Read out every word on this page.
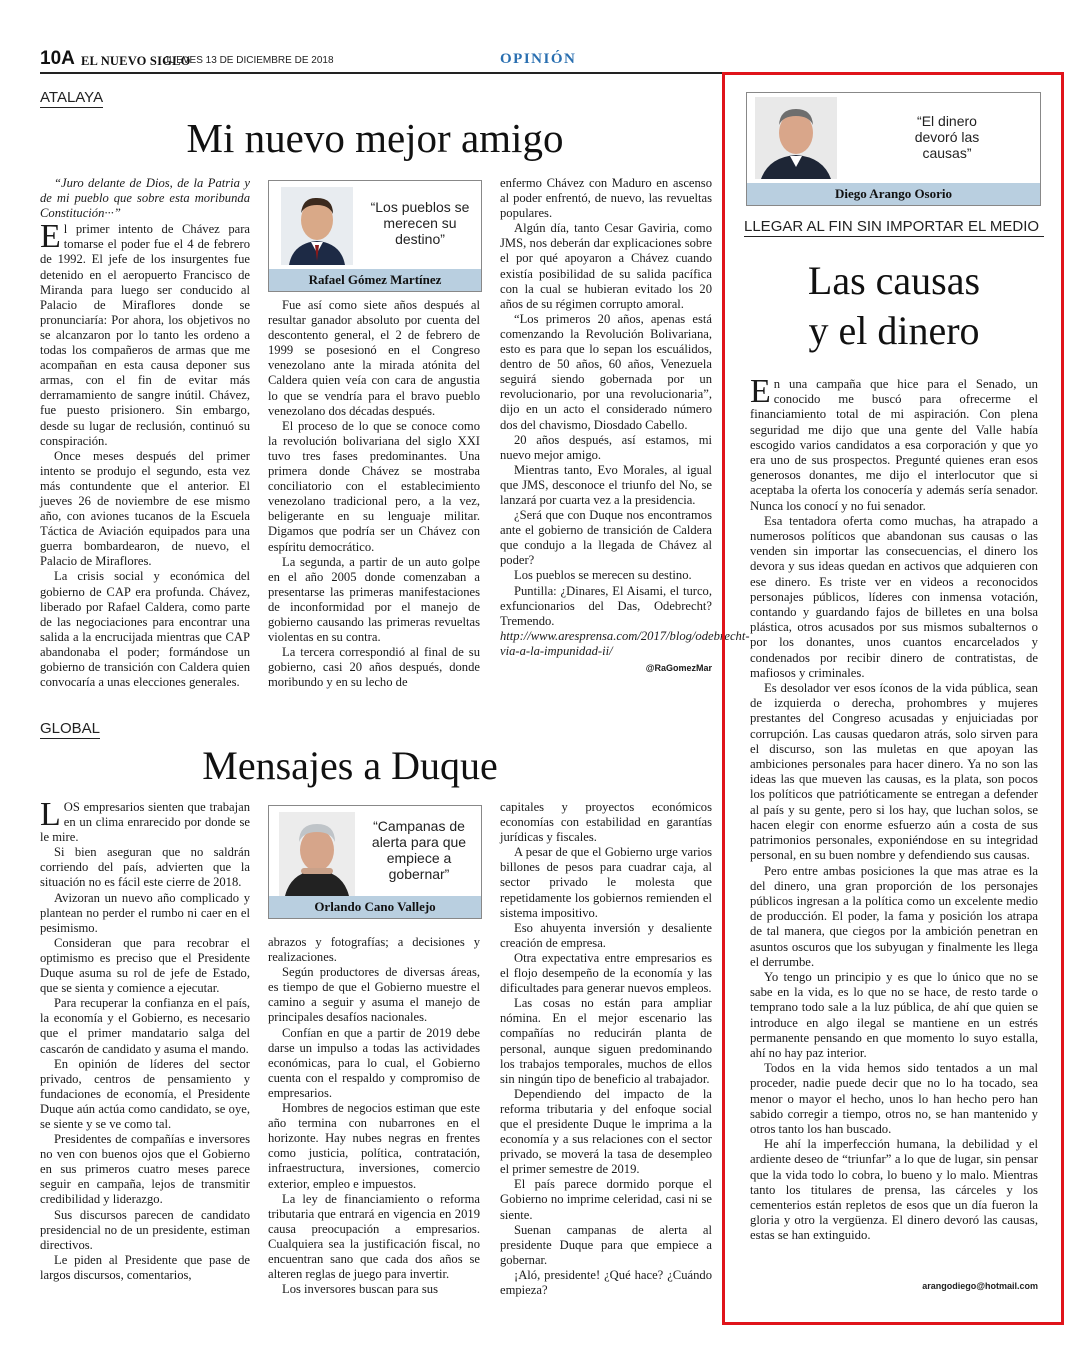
10A EL NUEVO SIGLO
JUEVES 13 DE DICIEMBRE DE 2018	OPINIÓN
ATALAYA
Mi nuevo mejor amigo

“Juro delante de Dios, de la Patria y de mi pueblo que sobre esta moribunda Constitución···”

El primer intento de Chávez para tomarse el poder fue el 4 de febrero de 1992. El jefe de los insurgentes fue detenido en el aeropuerto Francisco de Miranda para luego ser conducido al Palacio de Miraflores donde se pronunciaría: Por ahora, los objetivos no se alcanzaron por lo tanto les ordeno a todas los compañeros de armas que me acompañan en esta causa deponer sus armas, con el fin de evitar más derramamiento de sangre inútil. Chávez, fue puesto prisionero. Sin embargo, desde su lugar de reclusión, continuó su conspiración.

Once meses después del primer intento se produjo el segundo, esta vez más contundente que el anterior. El jueves 26 de noviembre de ese mismo año, con aviones tucanos de la Escuela Táctica de Aviación equipados para una guerra bombardearon, de nuevo, el Palacio de Miraflores.

La crisis social y económica del gobierno de CAP era profunda. Chávez, liberado por Rafael Caldera, como parte de las negociaciones para encontrar una salida a la encrucijada mientras que CAP abandonaba el poder; formándose un gobierno de transición con Caldera quien convocaría a unas elecciones generales.

“Los pueblos se merecen su destino”
Rafael Gómez Martínez

Fue así como siete años después al resultar ganador absoluto por cuenta del descontento general, el 2 de febrero de 1999 se posesionó en el Congreso venezolano ante la mirada atónita del Caldera quien veía con cara de angustia lo que se vendría para el bravo pueblo venezolano dos décadas después.

El proceso de lo que se conoce como la revolución bolivariana del siglo XXI tuvo tres fases predominantes. Una primera donde Chávez se mostraba conciliatorio con el establecimiento venezolano tradicional pero, a la vez, beligerante en su lenguaje militar. Digamos que podría ser un Chávez con espíritu democrático.

La segunda, a partir de un auto golpe en el año 2005 donde comenzaban a presentarse las primeras manifestaciones de inconformidad por el manejo de gobierno causando las primeras revueltas violentas en su contra.

La tercera correspondió al final de su gobierno, casi 20 años después, donde moribundo y en su lecho de

enfermo Chávez con Maduro en ascenso al poder enfrentó, de nuevo, las revueltas populares.

Algún día, tanto Cesar Gaviria, como JMS, nos deberán dar explicaciones sobre el por qué apoyaron a Chávez cuando existía posibilidad de su salida pacífica con la cual se hubieran evitado los 20 años de su régimen corrupto amoral.

“Los primeros 20 años, apenas está comenzando la Revolución Bolivariana, esto es para que lo sepan los escuálidos, dentro de 50 años, 60 años, Venezuela seguirá siendo gobernada por un revolucionario, por una revolucionaria”, dijo en un acto el considerado número dos del chavismo, Diosdado Cabello.

20 años después, así estamos, mi nuevo mejor amigo.

Mientras tanto, Evo Morales, al igual que JMS, desconoce el triunfo del No, se lanzará por cuarta vez a la presidencia.

¿Será que con Duque nos encontramos ante el gobierno de transición de Caldera que condujo a la llegada de Chávez al poder?

Los pueblos se merecen su destino.

Puntilla: ¿Dinares, El Aisami, el turco, exfuncionarios del Das, Odebrecht? Tremendo.

http://www.aresprensa.com/2017/blog/odebrecht-via-a-la-impunidad-ii/

@RaGomezMar

GLOBAL
Mensajes a Duque

LOS empresarios sienten que trabajan en un clima enrarecido por donde se le mire.

Si bien aseguran que no saldrán corriendo del país, advierten que la situación no es fácil este cierre de 2018.

Avizoran un nuevo año complicado y plantean no perder el rumbo ni caer en el pesimismo.

Consideran que para recobrar el optimismo es preciso que el Presidente Duque asuma su rol de jefe de Estado, que se sienta y comience a ejecutar.

Para recuperar la confianza en el país, la economía y el Gobierno, es necesario que el primer mandatario salga del cascarón de candidato y asuma el mando.

En opinión de líderes del sector privado, centros de pensamiento y fundaciones de economía, el Presidente Duque aún actúa como candidato, se oye, se siente y se ve como tal.

Presidentes de compañías e inversores no ven con buenos ojos que el Gobierno en sus primeros cuatro meses parece seguir en campaña, lejos de transmitir credibilidad y liderazgo.

Sus discursos parecen de candidato presidencial no de un presidente, estiman directivos.

Le piden al Presidente que pase de largos discursos, comentarios,

“Campanas de alerta para que empiece a gobernar”
Orlando Cano Vallejo

abrazos y fotografías; a decisiones y realizaciones.

Según productores de diversas áreas, es tiempo de que el Gobierno muestre el camino a seguir y asuma el manejo de principales desafíos nacionales.

Confían en que a partir de 2019 debe darse un impulso a todas las actividades económicas, para lo cual, el Gobierno cuenta con el respaldo y compromiso de empresarios.

Hombres de negocios estiman que este año termina con nubarrones en el horizonte. Hay nubes negras en frentes como justicia, política, contratación, infraestructura, inversiones, comercio exterior, empleo e impuestos.

La ley de financiamiento o reforma tributaria que entrará en vigencia en 2019 causa preocupación a empresarios. Cualquiera sea la justificación fiscal, no encuentran sano que cada dos años se alteren reglas de juego para invertir.

Los inversores buscan para sus

capitales y proyectos económicos economías con estabilidad en garantías jurídicas y fiscales.

A pesar de que el Gobierno urge varios billones de pesos para cuadrar caja, al sector privado le molesta que repetidamente los gobiernos remienden el sistema impositivo.

Eso ahuyenta inversión y desaliente creación de empresa.

Otra expectativa entre empresarios es el flojo desempeño de la economía y las dificultades para generar nuevos empleos.

Las cosas no están para ampliar nómina. En el mejor escenario las compañías no reducirán planta de personal, aunque siguen predominando los trabajos temporales, muchos de ellos sin ningún tipo de beneficio al trabajador.

Dependiendo del impacto de la reforma tributaria y del enfoque social que el presidente Duque le imprima a la economía y a sus relaciones con el sector privado, se moverá la tasa de desempleo el primer semestre de 2019.

El país parece dormido porque el Gobierno no imprime celeridad, casi ni se siente.

Suenan campanas de alerta al presidente Duque para que empiece a gobernar.

¡Aló, presidente! ¿Qué hace? ¿Cuándo empieza?

“El dinero devoró las causas”
Diego Arango Osorio
LLEGAR AL FIN SIN IMPORTAR EL MEDIO
Las causas
y el dinero

En una campaña que hice para el Senado, un conocido me buscó para ofrecerme el financiamiento total de mi aspiración. Con plena seguridad me dijo que una gente del Valle había escogido varios candidatos a esa corporación y que yo era uno de sus prospectos. Pregunté quienes eran esos generosos donantes, me dijo el interlocutor que si aceptaba la oferta los conocería y además sería senador. Nunca los conocí y no fui senador.

Esa tentadora oferta como muchas, ha atrapado a numerosos políticos que abandonan sus causas o las venden sin importar las consecuencias, el dinero los devora y sus ideas quedan en activos que adquieren con ese dinero. Es triste ver en videos a reconocidos personajes públicos, líderes con inmensa votación, contando y guardando fajos de billetes en una bolsa plástica, otros acusados por sus mismos subalternos o por los donantes, unos cuantos encarcelados y condenados por recibir dinero de contratistas, de mafiosos y criminales.

Es desolador ver esos íconos de la vida pública, sean de izquierda o derecha, prohombres y mujeres prestantes del Congreso acusadas y enjuiciadas por corrupción. Las causas quedaron atrás, solo sirven para el discurso, son las muletas en que apoyan las ambiciones personales para hacer dinero. Ya no son las ideas las que mueven las causas, es la plata, son pocos los políticos que patrióticamente se entregan a defender al país y su gente, pero si los hay, que luchan solos, se hacen elegir con enorme esfuerzo aún a costa de sus patrimonios personales, exponiéndose en su integridad personal, en su buen nombre y defendiendo sus causas.

Pero entre ambas posiciones la que mas atrae es la del dinero, una gran proporción de los personajes públicos ingresan a la política como un excelente medio de producción. El poder, la fama y posición los atrapa de tal manera, que ciegos por la ambición penetran en asuntos oscuros que los subyugan y finalmente les llega el derrumbe.

Yo tengo un principio y es que lo único que no se sabe en la vida, es lo que no se hace, de resto tarde o temprano todo sale a la luz pública, de ahí que quien se introduce en algo ilegal se mantiene en un estrés permanente pensando en que momento lo suyo estalla, ahí no hay paz interior.

Todos en la vida hemos sido tentados a un mal proceder, nadie puede decir que no lo ha tocado, sea menor o mayor el hecho, unos lo han hecho pero han sabido corregir a tiempo, otros no, se han mantenido y otros tanto los han buscado.

He ahí la imperfección humana, la debilidad y el ardiente deseo de “triunfar” a lo que de lugar, sin pensar que la vida todo lo cobra, lo bueno y lo malo. Mientras tanto los titulares de prensa, las cárceles y los cementerios están repletos de esos que un día fueron la gloria y otro la vergüenza. El dinero devoró las causas, estas se han extinguido.

arangodiego@hotmail.com
